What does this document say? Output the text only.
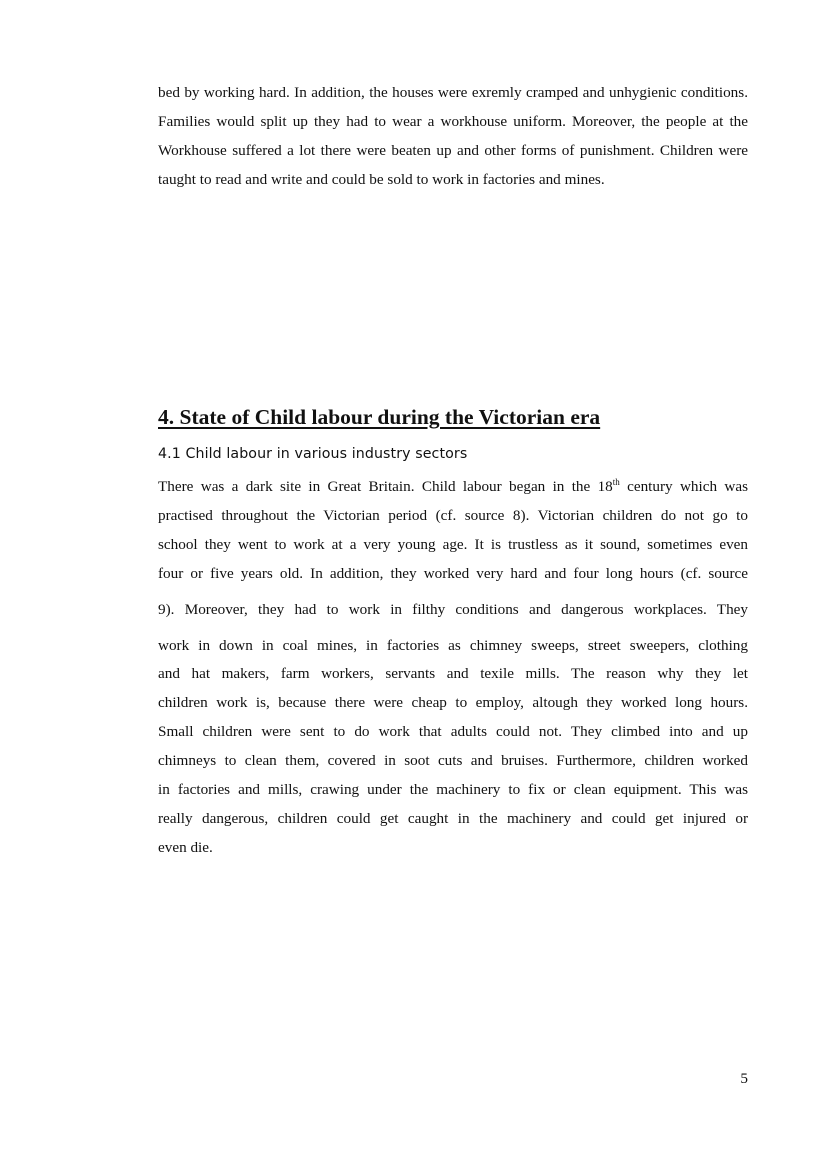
bed by working hard. In addition, the houses were exremly cramped and unhygienic conditions. Families would split up they had to wear a workhouse uniform. Moreover, the people at the Workhouse suffered a lot there were beaten up and other forms of punishment. Children were taught to read and write and could be sold to work in factories and mines.

4. State of Child labour during the Victorian era
4.1 Child labour in various industry sectors
There was a dark site in Great Britain. Child labour began in the 18th century which was
practised throughout the Victorian period (cf. source 8). Victorian children do not go to
school they went to work at a very young age. It is trustless as it sound, sometimes even
four or five years old. In addition, they worked very hard and four long hours (cf. source
9). Moreover, they had to work in filthy conditions and dangerous workplaces. They
work in down in coal mines, in factories as chimney sweeps, street sweepers, clothing
and hat makers, farm workers, servants and texile mills. The reason why they let
children work is, because there were cheap to employ, altough they worked long hours.
Small children were sent to do work that adults could not. They climbed into and up
chimneys to clean them, covered in soot cuts and bruises. Furthermore, children worked
in factories and mills, crawing under the machinery to fix or clean equipment. This was
really dangerous, children could get caught in the machinery and could get injured or
even die.
5
